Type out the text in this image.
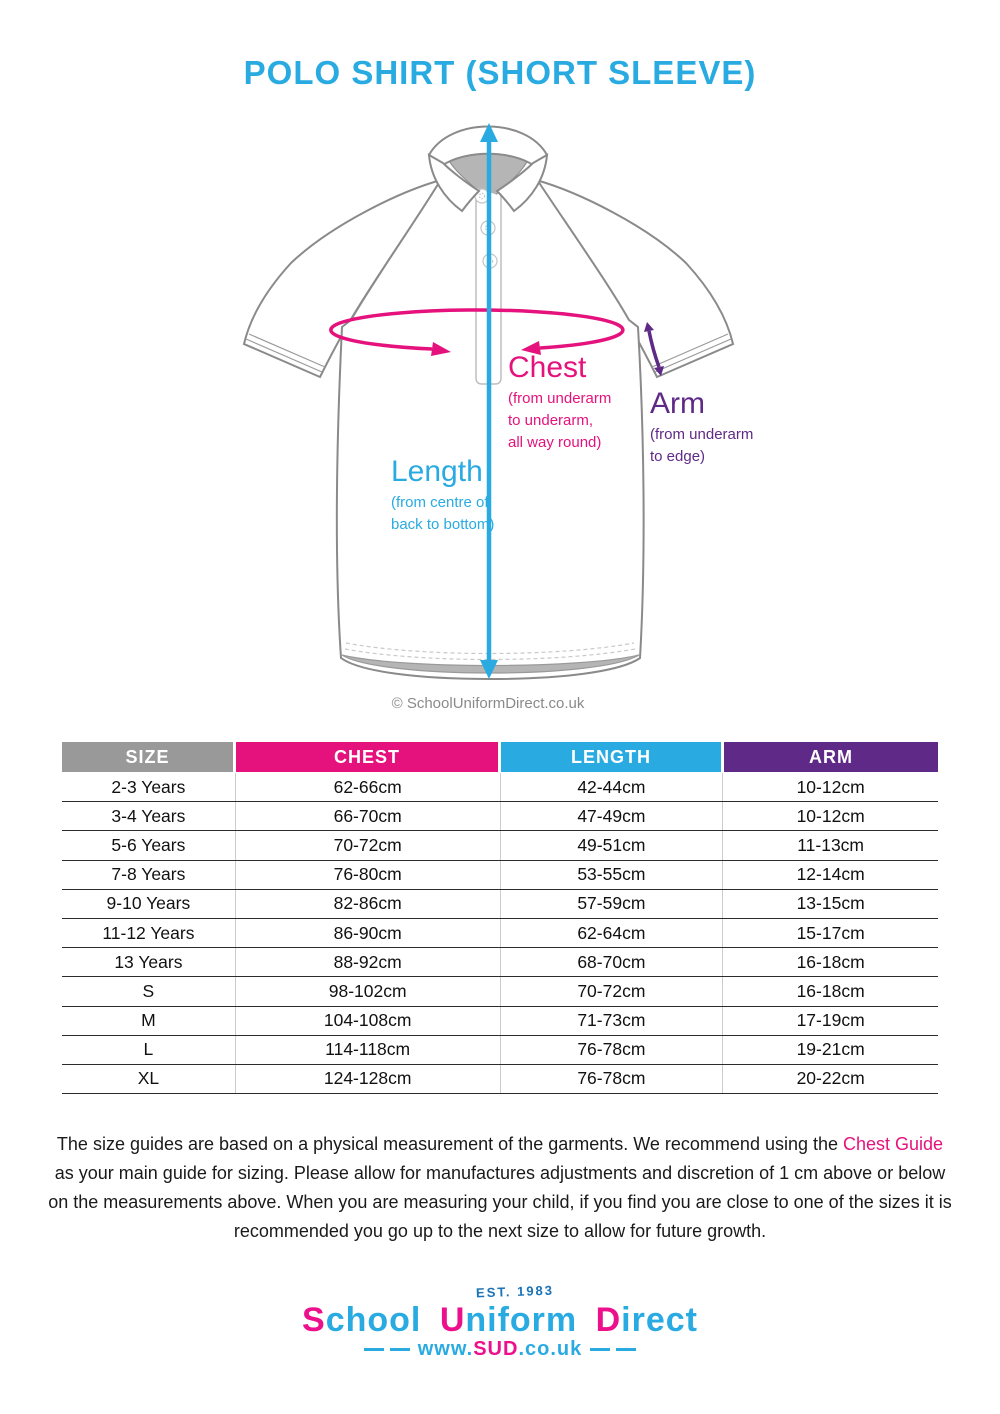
POLO SHIRT (SHORT SLEEVE)
Chest
(from underarm
to underarm,
all way round)
Arm
(from underarm
to edge)
Length
(from centre of
back to bottom)
© SchoolUniformDirect.co.uk
SIZE	CHEST	LENGTH	ARM
2-3 Years	62-66cm	42-44cm	10-12cm
3-4 Years	66-70cm	47-49cm	10-12cm
5-6 Years	70-72cm	49-51cm	11-13cm
7-8 Years	76-80cm	53-55cm	12-14cm
9-10 Years	82-86cm	57-59cm	13-15cm
11-12 Years	86-90cm	62-64cm	15-17cm
13 Years	88-92cm	68-70cm	16-18cm
S	98-102cm	70-72cm	16-18cm
M	104-108cm	71-73cm	17-19cm
L	114-118cm	76-78cm	19-21cm
XL	124-128cm	76-78cm	20-22cm
The size guides are based on a physical measurement of the garments. We recommend using the Chest Guide as your main guide for sizing. Please allow for manufactures adjustments and discretion of 1 cm above or below on the measurements above. When you are measuring your child, if you find you are close to one of the sizes it is recommended you go up to the next size to allow for future growth.
EST. 1983
School Uniform Direct
www.SUD.co.uk
